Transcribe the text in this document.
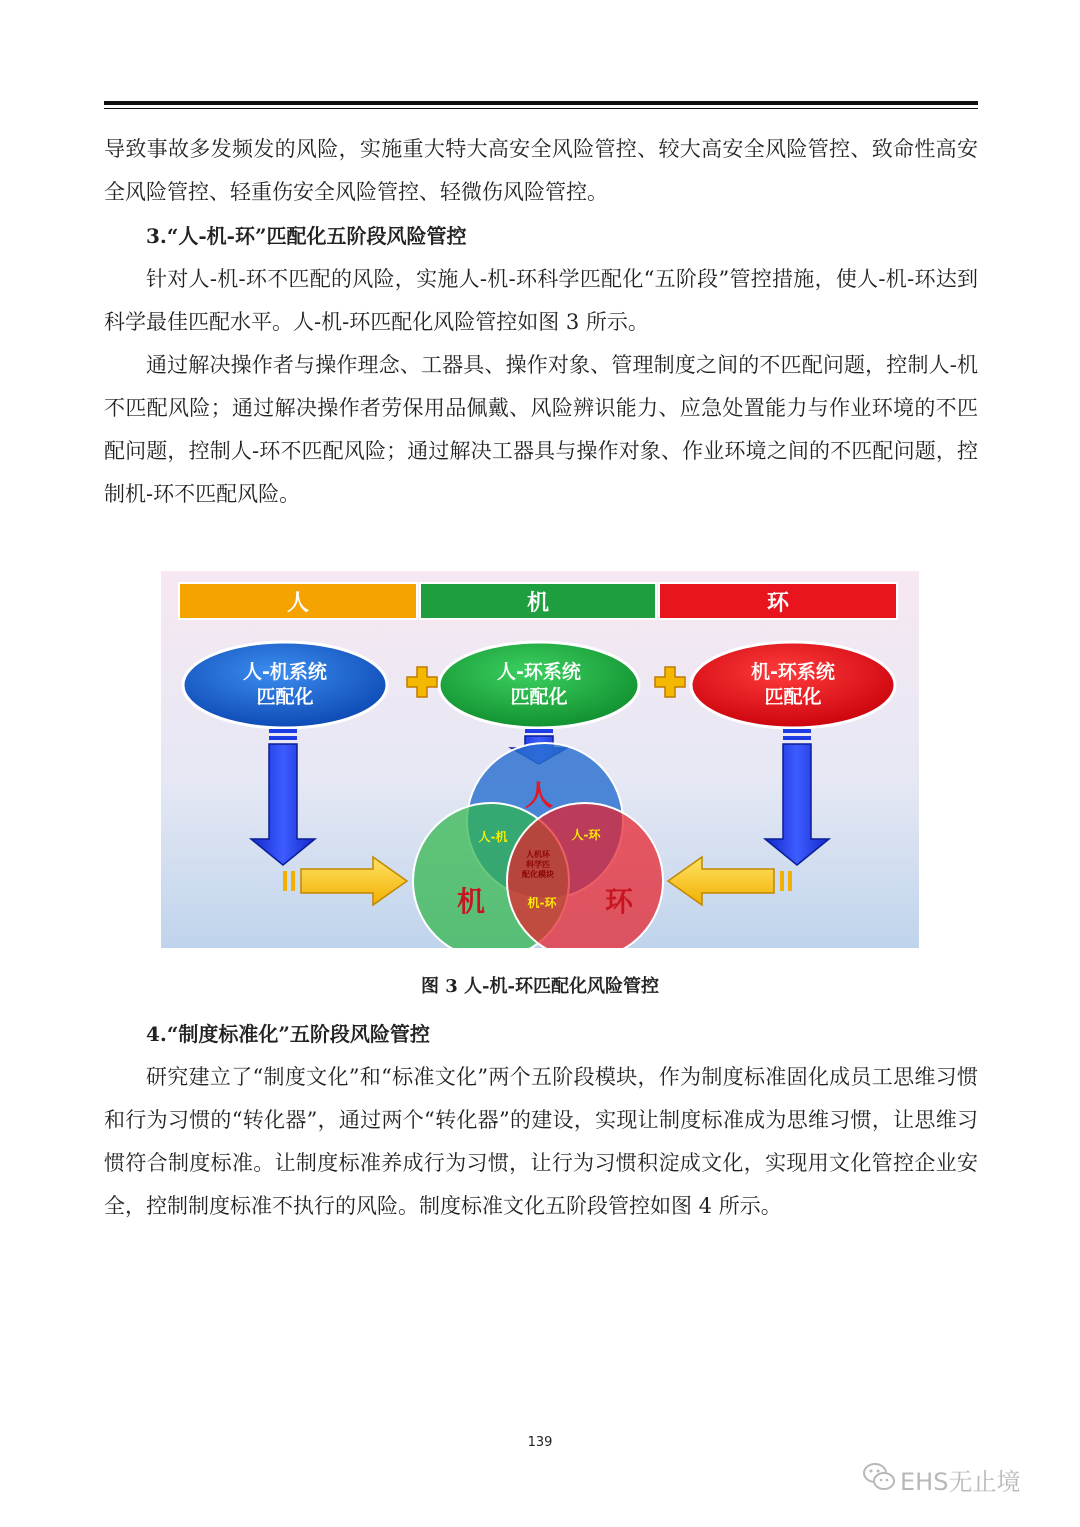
导致事故多发频发的风险，实施重大特大高安全风险管控、较大高安全风险管控、致命性高安全风险管控、轻重伤安全风险管控、轻微伤风险管控。

3.“人-机-环”匹配化五阶段风险管控

针对人-机-环不匹配的风险，实施人-机-环科学匹配化“五阶段”管控措施，使人-机-环达到科学最佳匹配水平。人-机-环匹配化风险管控如图 3 所示。

通过解决操作者与操作理念、工器具、操作对象、管理制度之间的不匹配问题，控制人-机不匹配风险；通过解决操作者劳保用品佩戴、风险辨识能力、应急处置能力与作业环境的不匹配问题，控制人-环不匹配风险；通过解决工器具与操作对象、作业环境之间的不匹配问题，控制机-环不匹配风险。

人	机	环
人-机系统
匹配化
人-环系统
匹配化
机-环系统
匹配化
人
机	环
人-机	人-环
机-环
人机环
科学匹
配化模块
图 3 人-机-环匹配化风险管控

4.“制度标准化”五阶段风险管控

研究建立了“制度文化”和“标准文化”两个五阶段模块，作为制度标准固化成员工思维习惯和行为习惯的“转化器”，通过两个“转化器”的建设，实现让制度标准成为思维习惯，让思维习惯符合制度标准。让制度标准养成行为习惯，让行为习惯积淀成文化，实现用文化管控企业安全，控制制度标准不执行的风险。制度标准文化五阶段管控如图 4 所示。

139
EHS无止境
